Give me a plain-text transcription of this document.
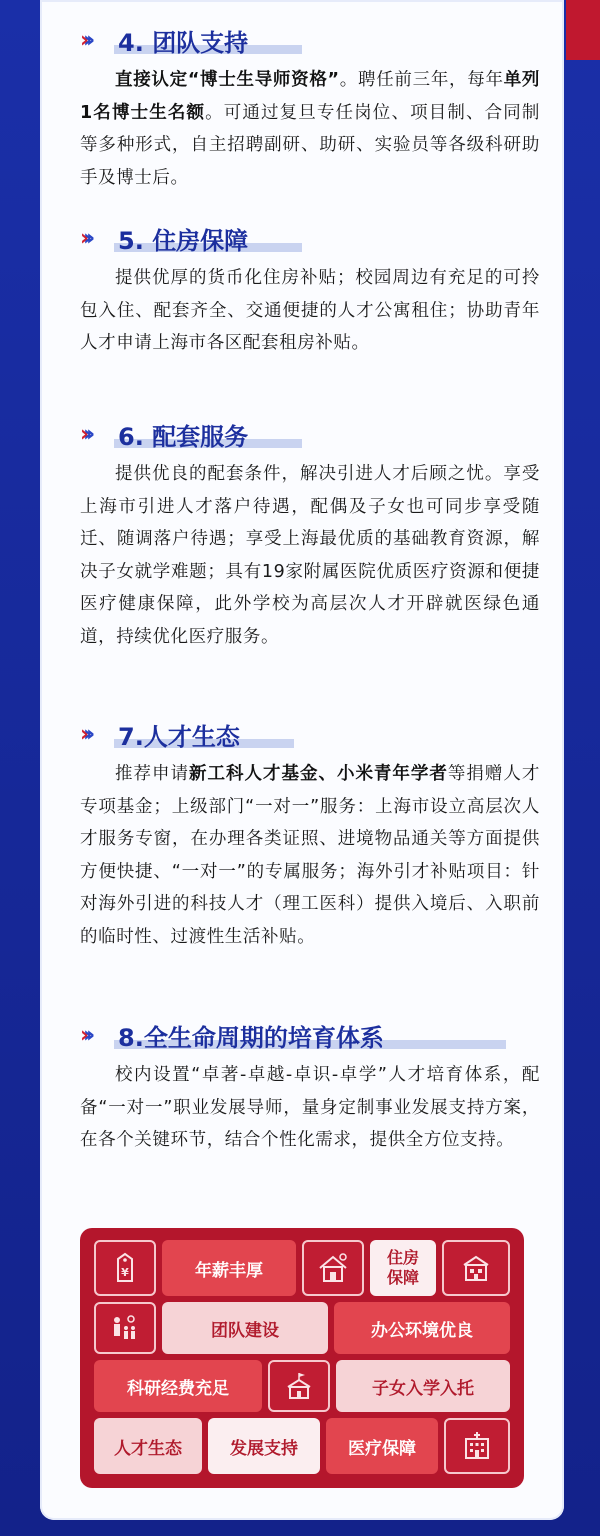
›››	4. 团队支持

直接认定“博士生导师资格”。聘任前三年，每年单列1名博士生名额。可通过复旦专任岗位、项目制、合同制等多种形式，自主招聘副研、助研、实验员等各级科研助手及博士后。

›››	5. 住房保障

提供优厚的货币化住房补贴；校园周边有充足的可拎包入住、配套齐全、交通便捷的人才公寓租住；协助青年人才申请上海市各区配套租房补贴。

›››	6. 配套服务

提供优良的配套条件，解决引进人才后顾之忧。享受上海市引进人才落户待遇，配偶及子女也可同步享受随迁、随调落户待遇；享受上海最优质的基础教育资源，解决子女就学难题；具有19家附属医院优质医疗资源和便捷医疗健康保障，此外学校为高层次人才开辟就医绿色通道，持续优化医疗服务。

›››	7.人才生态

推荐申请新工科人才基金、小米青年学者等捐赠人才专项基金；上级部门“一对一”服务：上海市设立高层次人才服务专窗，在办理各类证照、进境物品通关等方面提供方便快捷、“一对一”的专属服务；海外引才补贴项目：针对海外引进的科技人才（理工医科）提供入境后、入职前的临时性、过渡性生活补贴。

›››	8.全生命周期的培育体系

校内设置“卓著-卓越-卓识-卓学”人才培育体系，配备“一对一”职业发展导师，量身定制事业发展支持方案，在各个关键环节，结合个性化需求，提供全方位支持。

¥	年薪丰厚
住房保障
团队建设	办公环境优良
科研经费充足	子女入学入托
人才生态	发展支持	医疗保障
